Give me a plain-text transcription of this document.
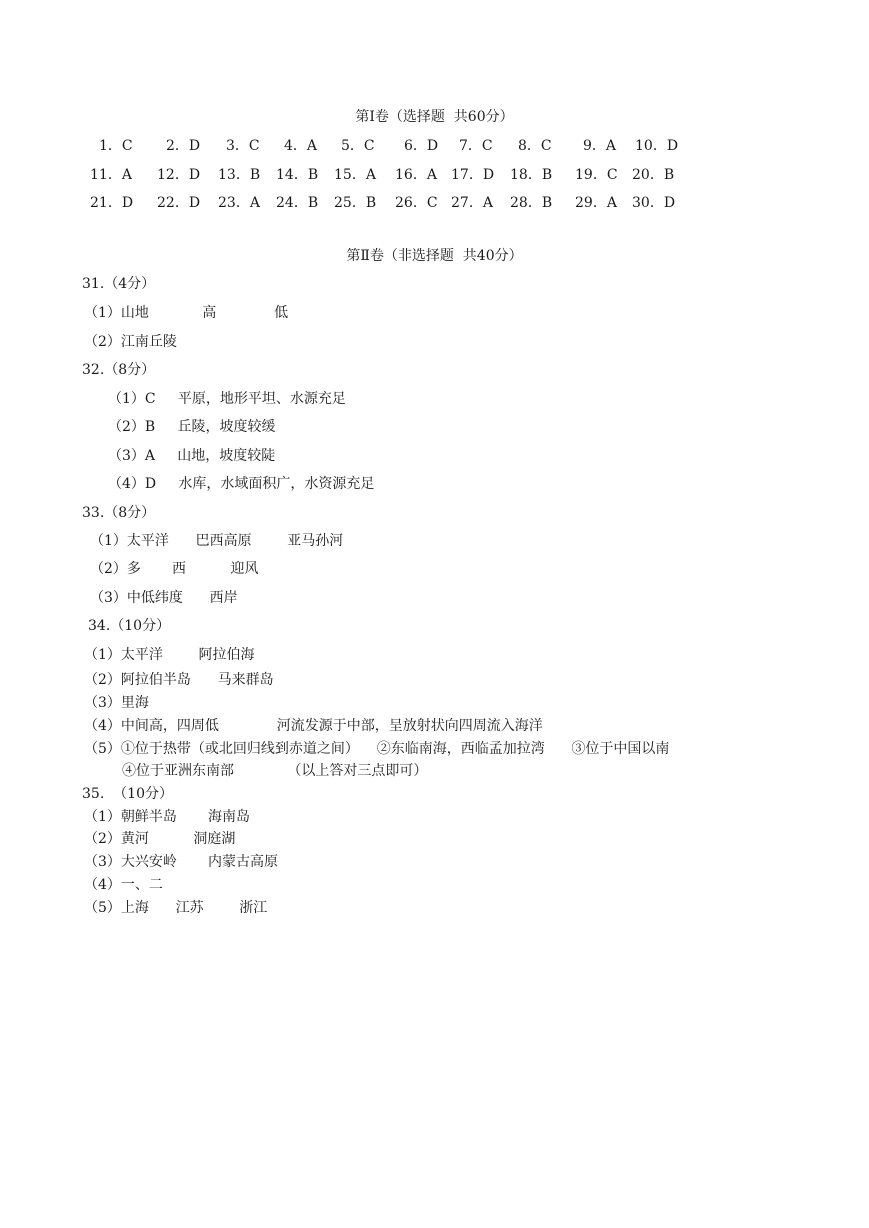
第Ⅰ卷（选择题  共60分）
1．C 2．D 3．C 4．A 5．C 6．D 7．C 8．C 9．A 10．D
11．A 12．D 13．B 14．B 15．A 16．A 17．D 18．B 19．C 20．B
21．D 22．D 23．A 24．B 25．B 26．C 27．A 28．B 29．A 30．D
第Ⅱ卷（非选择题  共40分）
31.（4分）
（1）山地            高             低
（2）江南丘陵
32.（8分）
（1）C     平原，地形平坦、水源充足
（2）B     丘陵，坡度较缓
（3）A     山地，坡度较陡
（4）D     水库，水域面积广，水资源充足
33.（8分）
（1）太平洋      巴西高原        亚马孙河
（2）多       西          迎风
（3）中低纬度      西岸
34.（10分）
（1）太平洋        阿拉伯海
（2）阿拉伯半岛      马来群岛
（3）里海
（4）中间高，四周低             河流发源于中部，呈放射状向四周流入海洋
（5）①位于热带（或北回归线到赤道之间）    ②东临南海，西临孟加拉湾      ③位于中国以南
④位于亚洲东南部            （以上答对三点即可）
35.  （10分）
（1）朝鲜半岛       海南岛
（2）黄河          洞庭湖
（3）大兴安岭       内蒙古高原
（4）一、二
（5）上海      江苏        浙江
